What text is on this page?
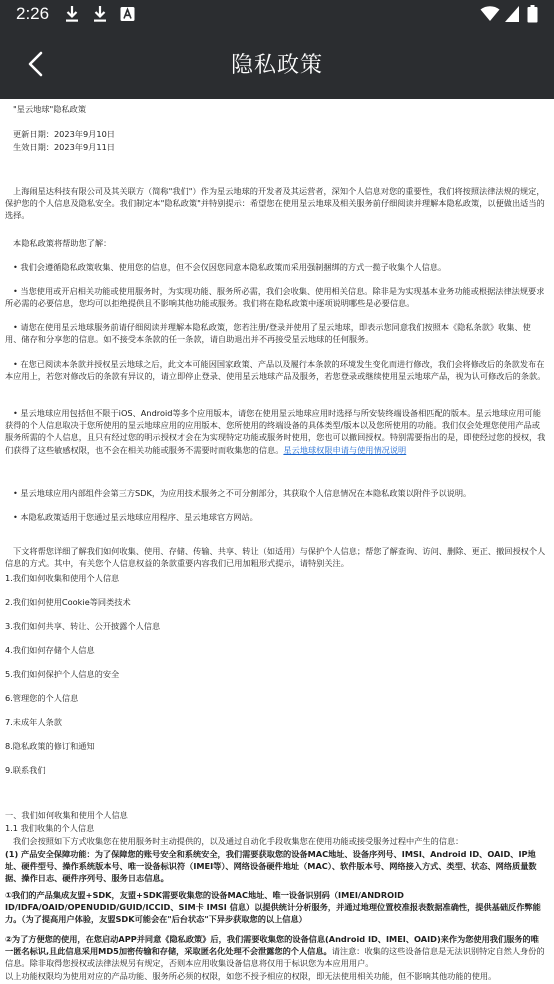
2:26
隐私政策
"星云地球"隐私政策
更新日期：2023年9月10日
生效日期：2023年9月11日
上海闹星达科技有限公司及其关联方（简称"我们"）作为星云地球的开发者及其运营者，深知个人信息对您的重要性，我们将按照法律法规的规定，保护您的个人信息及隐私安全。我们制定本"隐私政策"并特别提示：希望您在使用星云地球及相关服务前仔细阅读并理解本隐私政策，以便做出适当的选择。
本隐私政策将帮助您了解：
• 我们会遵循隐私政策收集、使用您的信息，但不会仅因您同意本隐私政策而采用强制捆绑的方式一揽子收集个人信息。
• 当您使用或开启相关功能或使用服务时，为实现功能、服务所必需，我们会收集、使用相关信息。除非是为实现基本业务功能或根据法律法规要求所必需的必要信息，您均可以拒绝提供且不影响其他功能或服务。我们将在隐私政策中逐项说明哪些是必要信息。
• 请您在使用星云地球服务前请仔细阅读并理解本隐私政策，您若注册/登录并使用了星云地球，即表示您同意我们按照本《隐私条款》收集、使用、储存和分享您的信息。如不接受本条款的任一条款，请自助退出并不再接受星云地球的任何服务。
• 在您已阅读本条款并授权星云地球之后，此文本可能因国家政策、产品以及履行本条款的环境发生变化而进行修改，我们会将修改后的条款发布在本应用上，若您对修改后的条款有异议的，请立即停止登录、使用星云地球产品及服务，若您登录或继续使用星云地球产品，视为认可修改后的条款。
• 星云地球应用包括但不限于iOS、Android等多个应用版本，请您在使用星云地球应用时选择与所安装终端设备相匹配的版本。星云地球应用可能获得的个人信息取决于您所使用的星云地球应用的应用版本、您所使用的终端设备的具体类型/版本以及您所使用的功能。我们仅会处理您使用产品或服务所需的个人信息，且只有经过您的明示授权才会在为实现特定功能或服务时使用，您也可以撤回授权。特别需要指出的是，即使经过您的授权，我们获得了这些敏感权限，也不会在相关功能或服务不需要时而收集您的信息。星云地球权限申请与使用情况说明
• 星云地球应用内部组件会第三方SDK，为应用技术服务之不可分割部分，其获取个人信息情况在本隐私政策以附件予以说明。
• 本隐私政策适用于您通过星云地球应用程序、星云地球官方网站。
下文将帮您详细了解我们如何收集、使用、存储、传输、共享、转让（如适用）与保护个人信息；帮您了解查询、访问、删除、更正、撤回授权个人信息的方式。其中，有关您个人信息权益的条款重要内容我们已用加粗形式提示，请特别关注。
1.我们如何收集和使用个人信息
2.我们如何使用Cookie等同类技术
3.我们如何共享、转让、公开披露个人信息
4.我们如何存储个人信息
5.我们如何保护个人信息的安全
6.管理您的个人信息
7.未成年人条款
8.隐私政策的修订和通知
9.联系我们
一、我们如何收集和使用个人信息
1.1 我们收集的个人信息
我们会按照如下方式收集您在使用服务时主动提供的，以及通过自动化手段收集您在使用功能或接受服务过程中产生的信息：
(1) 产品安全保障功能：为了保障您的账号安全和系统安全，我们需要获取您的设备MAC地址、设备序列号、IMSI、Android ID、OAID、IP地址、硬件型号、操作系统版本号、唯一设备标识符（IMEI等）、网络设备硬件地址（MAC）、软件版本号、网络接入方式、类型、状态、网络质量数据、操作日志、硬件序列号、服务日志信息。
①我们的产品集成友盟+SDK，友盟+SDK需要收集您的设备MAC地址、唯一设备识别码（IMEI/ANDROID ID/IDFA/OAID/OPENUDID/GUID/ICCID、SIM卡 IMSI 信息）以提供统计分析服务，并通过地理位置校准报表数据准确性，提供基础反作弊能力。（为了提高用户体验，友盟SDK可能会在"后台状态"下异步获取您的以上信息）
②为了方便您的使用，在您启动APP并同意《隐私政策》后，我们需要收集您的设备信息(Android ID、IMEI、OAID)来作为您使用我们服务的唯一匿名标识,且此信息采用MD5加密传输和存储，采取匿名化处理不会泄露您的个人信息。请注意：收集的这些设备信息是无法识别特定自然人身份的信息。除非取得您授权或法律法规另有规定，否则本应用收集设备信息将仅用于标识您为本应用用户。
以上功能权限均为使用对应的产品功能、服务所必须的权限，如您不授予相应的权限，即无法使用相关功能，但不影响其他功能的使用。
